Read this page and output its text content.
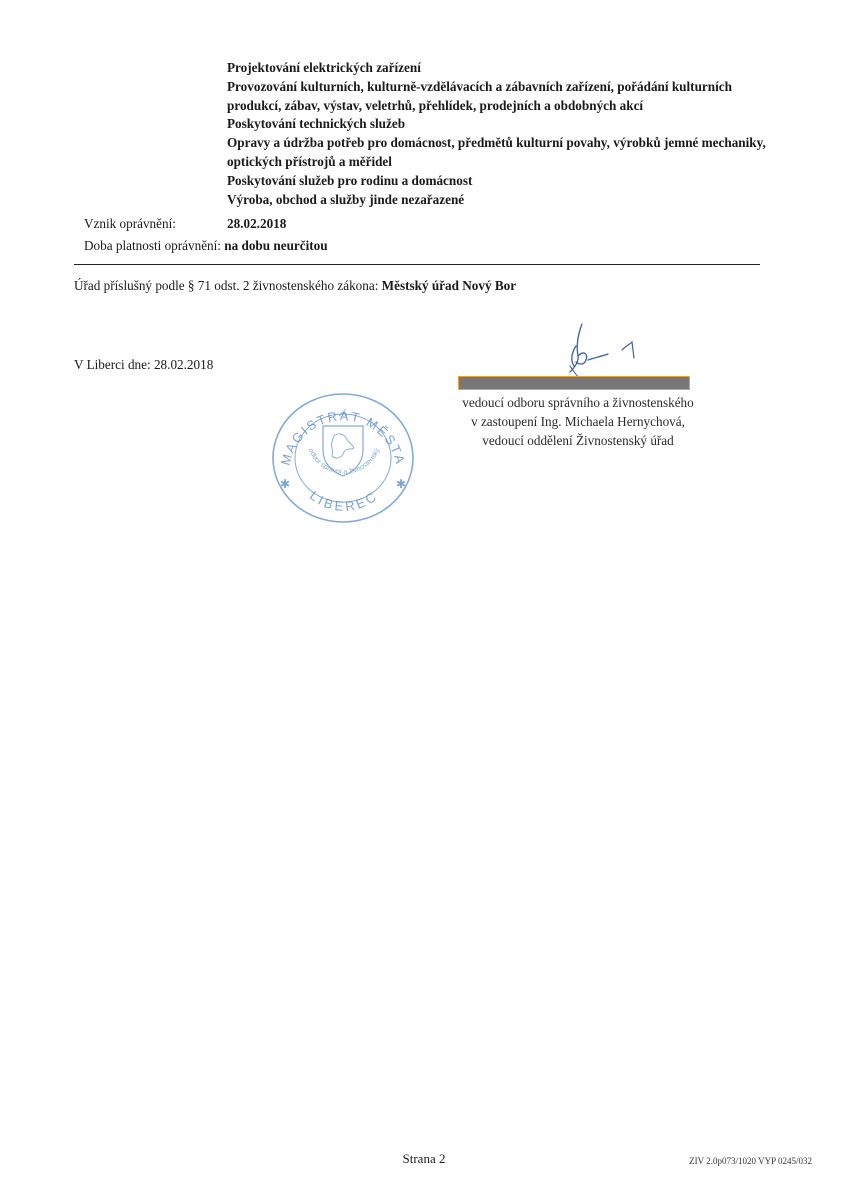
Projektování elektrických zařízení
Provozování kulturních, kulturně-vzdělávacích a zábavních zařízení, pořádání kulturních produkcí, zábav, výstav, veletrhů, přehlídek, prodejních a obdobných akcí
Poskytování technických služeb
Opravy a údržba potřeb pro domácnost, předmětů kulturní povahy, výrobků jemné mechaniky, optických přístrojů a měřidel
Poskytování služeb pro rodinu a domácnost
Výroba, obchod a služby jinde nezařazené
Vznik oprávnění:	28.02.2018
Doba platnosti oprávnění: na dobu neurčitou
Úřad příslušný podle § 71 odst. 2 živnostenského zákona: Městský úřad Nový Bor
V Liberci dne: 28.02.2018
vedoucí odboru správního a živnostenského
v zastoupení Ing. Michaela Hernychová,
vedoucí oddělení Živnostenský úřad
MAGISTRÁT MĚSTA
LIBEREC
odbor správní a živnostenský
✱	✱
Strana 2	ZIV 2.0p073/1020 VYP 0245/032
